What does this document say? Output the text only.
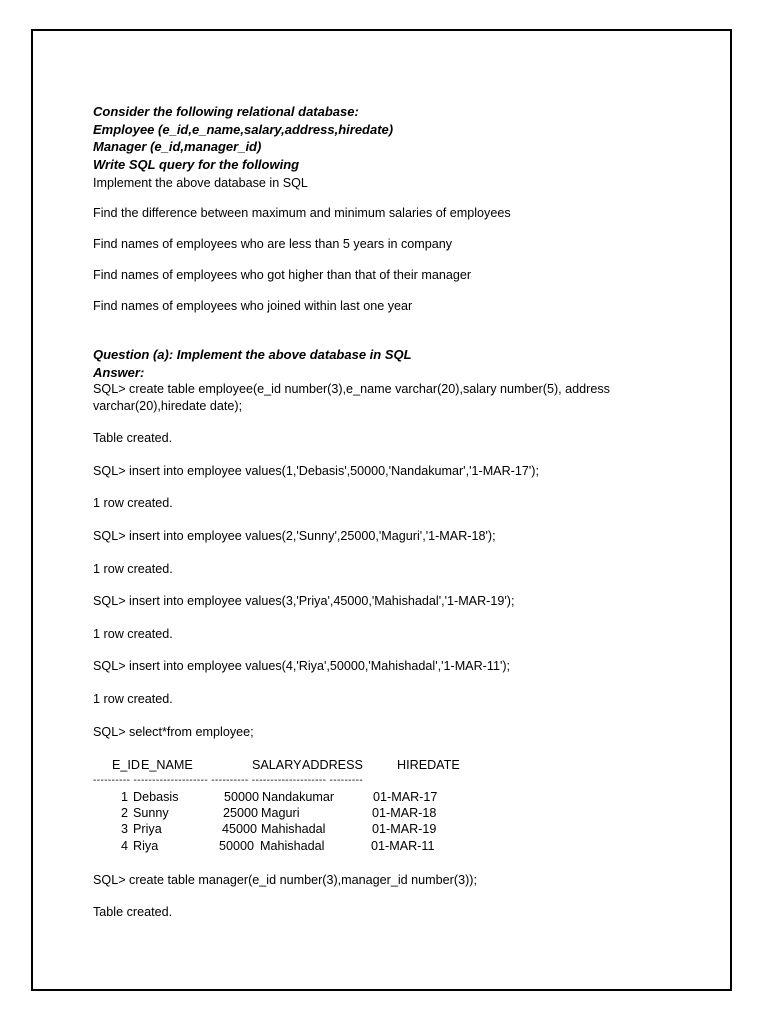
Consider the following relational database:
Employee (e_id,e_name,salary,address,hiredate)
Manager (e_id,manager_id)
Write SQL query for the following
Implement the above database in SQL
Find the difference between maximum and minimum salaries of employees
Find names of employees who are less than 5 years in company
Find names of employees who got higher than that of their manager
Find names of employees who joined within last one year
Question (a): Implement the above database in SQL
Answer:
SQL> create table employee(e_id number(3),e_name varchar(20),salary number(5), address
varchar(20),hiredate date);
Table created.
SQL> insert into employee values(1,'Debasis',50000,'Nandakumar','1-MAR-17');
1 row created.
SQL> insert into employee values(2,'Sunny',25000,'Maguri','1-MAR-18');
1 row created.
SQL> insert into employee values(3,'Priya',45000,'Mahishadal','1-MAR-19');
1 row created.
SQL> insert into employee values(4,'Riya',50000,'Mahishadal','1-MAR-11');
1 row created.
SQL> select*from employee;
E_ID E_NAME	SALARY ADDRESS	HIREDATE
---------- -------------------- ---------- -------------------- ---------
1 Debasis	50000 Nandakumar	01-MAR-17
2 Sunny	25000 Maguri	01-MAR-18
3 Priya	45000 Mahishadal	01-MAR-19
4 Riya	50000 Mahishadal	01-MAR-11
SQL> create table manager(e_id number(3),manager_id number(3));
Table created.
